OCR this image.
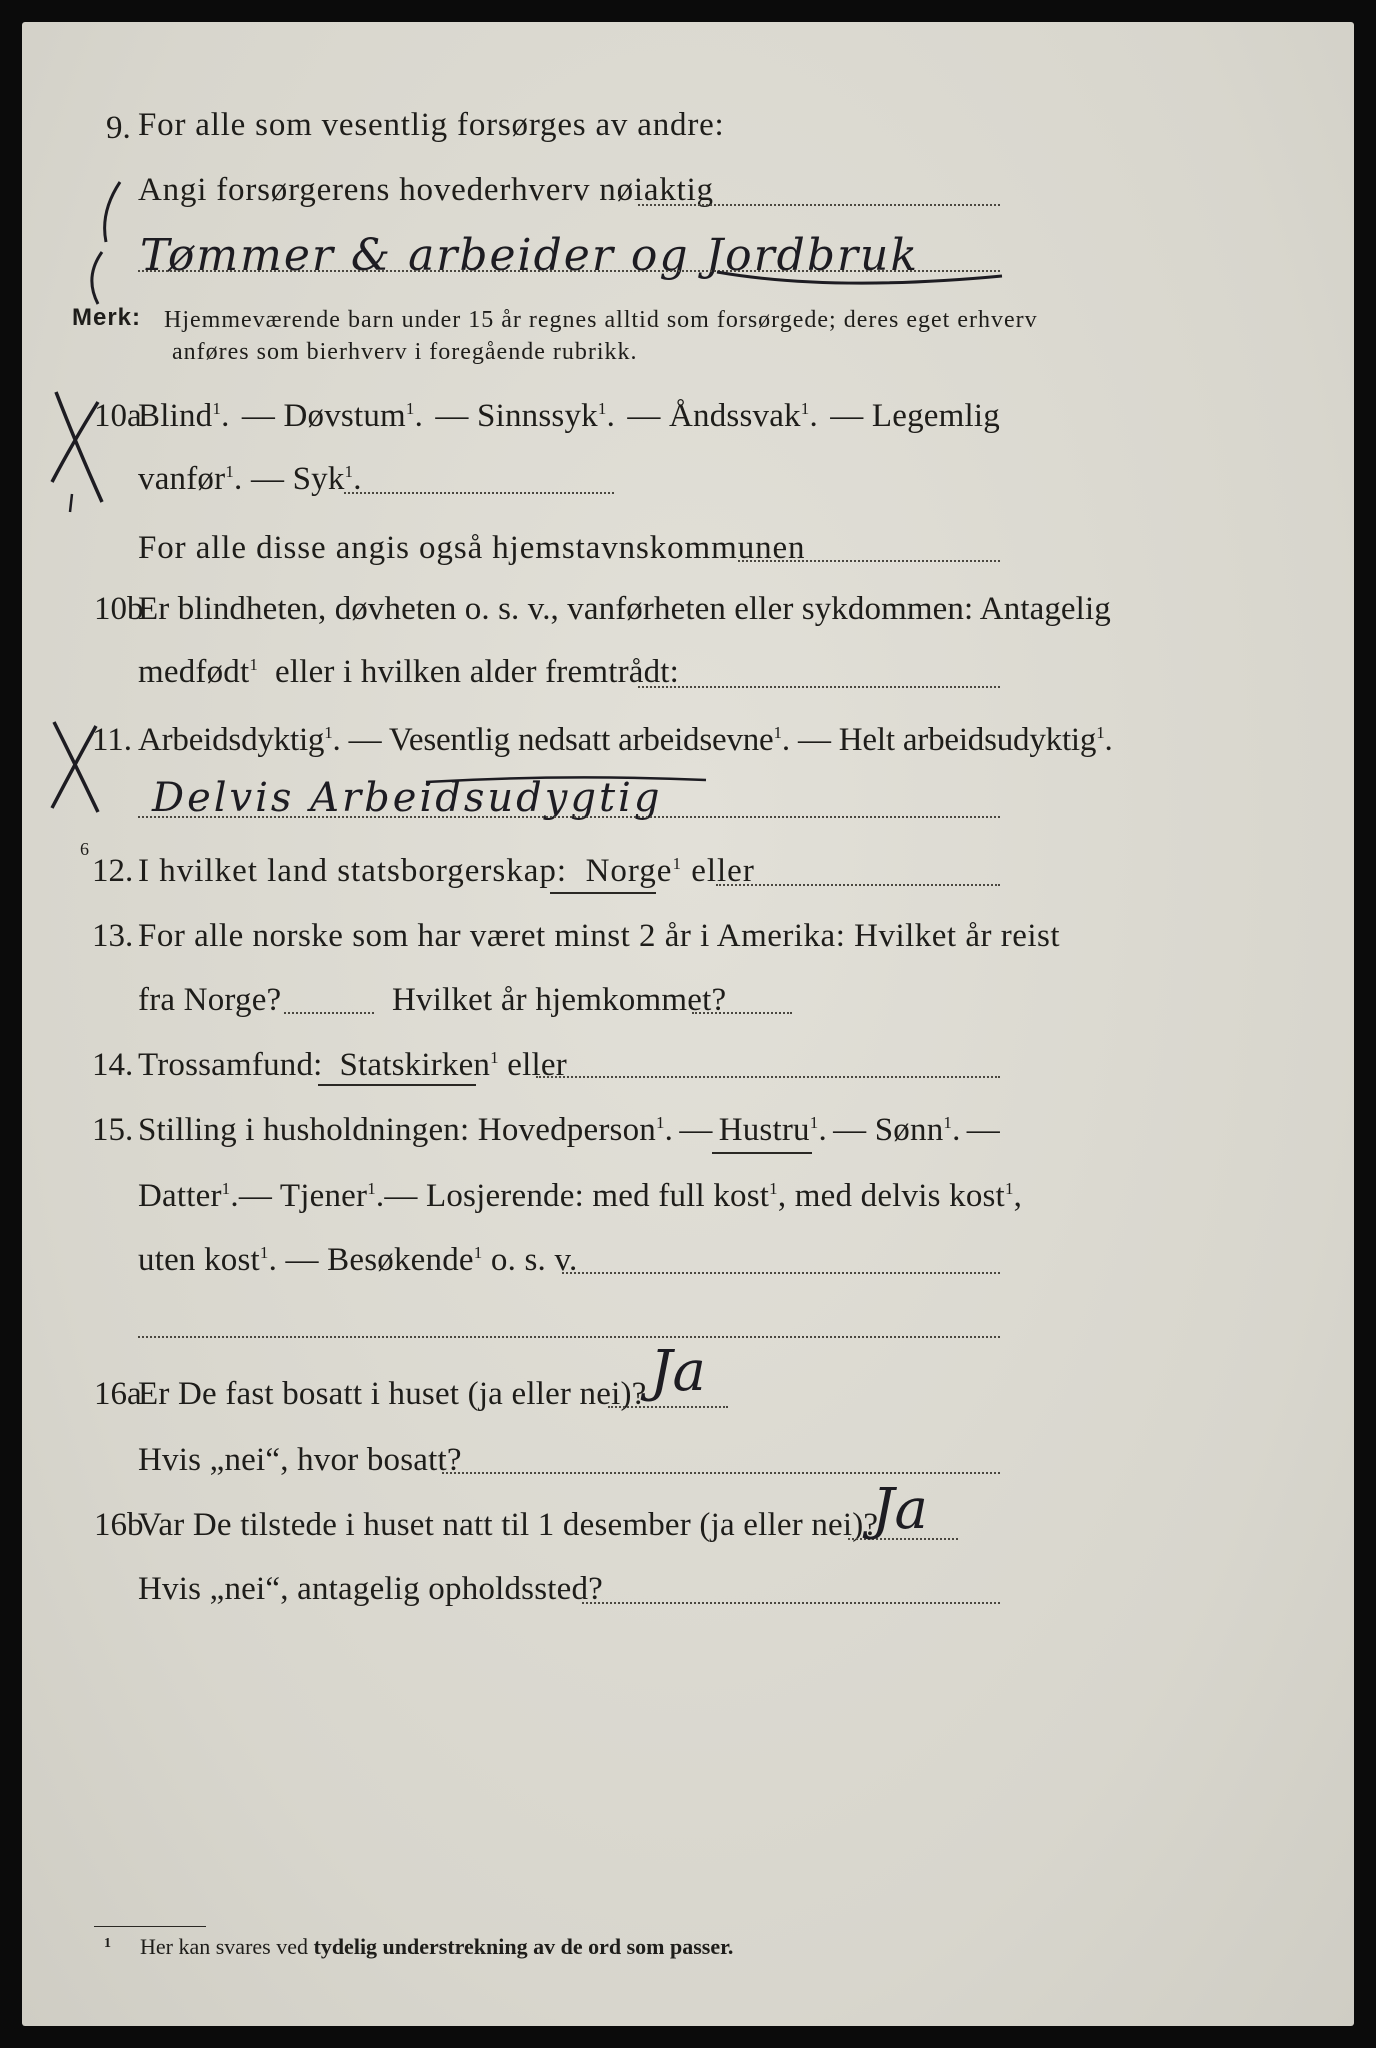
9. For alle som vesentlig forsørges av andre:
Angi forsørgerens hovederhverv nøiaktig
Tømmer & arbeider og Jordbruk
Merk: Hjemmeværende barn under 15 år regnes alltid som forsørgede; deres eget erhverv
anføres som bierhverv i foregående rubrikk.
10a
Blind$^1$. — Døvstum$^1$. — Sinnssyk$^1$. — Åndssvak$^1$. — Legemlig
vanfør$^1$. — Syk$^1$.
For alle disse angis også hjemstavnskommunen
10b
Er blindheten, døvheten o. s. v., vanførheten eller sykdommen: Antagelig
medfødt$^1$ eller i hvilken alder fremtrådt:
11. Arbeidsdyktig$^1$. — Vesentlig nedsatt arbeidsevne$^1$. — Helt arbeidsudyktig$^1$.
Delvis Arbeidsudygtig
6
12. I hvilket land statsborgerskap: Norge$^1$ eller
13. For alle norske som har været minst 2 år i Amerika: Hvilket år reist
fra Norge?	Hvilket år hjemkommet?
14. Trossamfund: Statskirken$^1$ eller
15. Stilling i husholdningen: Hovedperson$^1$. — Hustru$^1$. — Sønn$^1$. —
Datter$^1$. — Tjener$^1$. — Losjerende: med full kost$^1$ , med delvis kost$^1$,
uten kost$^1$. — Besøkende$^1$ o. s. v.
16a
Er De fast bosatt i huset (ja eller nei)? Ja
Hvis „nei“, hvor bosatt?
16b
Var De tilstede i huset natt til 1 desember (ja eller nei)?
Ja
Hvis „nei“, antagelig opholdssted?
1 Her kan svares ved tydelig understrekning av de ord som passer.
